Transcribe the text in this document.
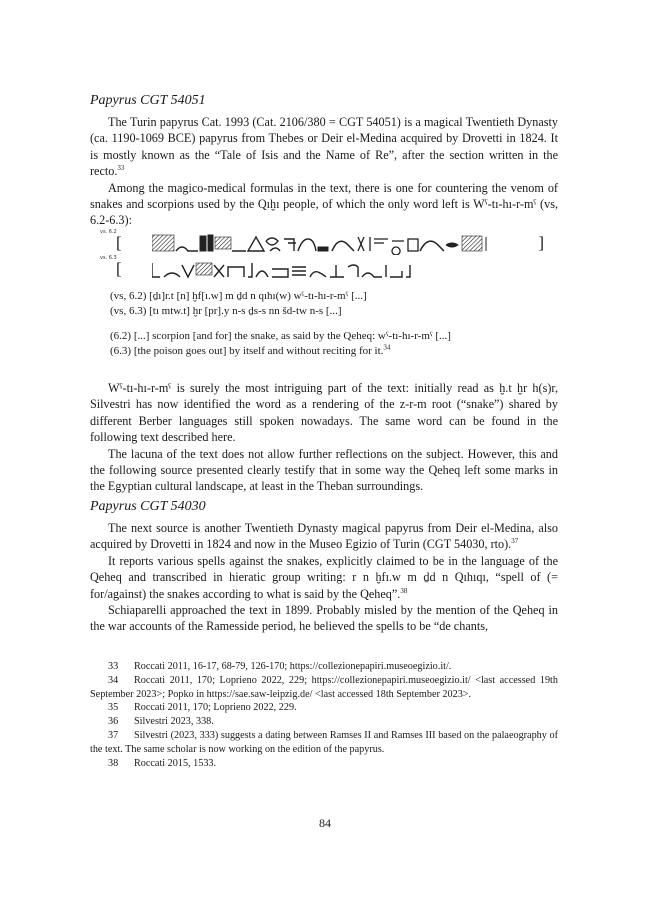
Papyrus CGT 54051

The Turin papyrus Cat. 1993 (Cat. 2106/380 = CGT 54051) is a magical Twentieth Dynasty (ca. 1190-1069 BCE) papyrus from Thebes or Deir el-Medina acquired by Drovetti in 1824. It is mostly known as the “Tale of Isis and the Name of Re”, after the section written in the recto.$^{33}$

Among the magico-medical formulas in the text, there is one for countering the venom of snakes and scorpions used by the Qıḫı people, of which the only word left is Wˁ-tı-hı-r-mˁ (vs, 6.2-6.3):

vs. 6.2
[	]
vs. 6.3
[

(vs, 6.2) [ḏı]r.t [n] ḫf[ı.w] m ḏd n qıhı(w) wˁ-tı-hı-r-mˁ [...]

(vs, 6.3) [tı mtw.t] ḫr [pr].y n-s ḏs-s nn šd-tw n-s [...]

(6.2) [...] scorpion [and for] the snake, as said by the Qeheq: wˁ-tı-hı-r-mˁ [...]

(6.3) [the poison goes out] by itself and without reciting for it.$^{34}$

Wˁ-tı-hı-r-mˁ is surely the most intriguing part of the text: initially read as ḫ.t ḫr h(s)r, Silvestri has now identified the word as a rendering of the z-r-m root (“snake”) shared by different Berber languages still spoken nowadays. The same word can be found in the following text described here.

The lacuna of the text does not allow further reflections on the subject. However, this and the following source presented clearly testify that in some way the Qeheq left some marks in the Egyptian cultural landscape, at least in the Theban surroundings.

Papyrus CGT 54030

The next source is another Twentieth Dynasty magical papyrus from Deir el-Medina, also acquired by Drovetti in 1824 and now in the Museo Egizio of Turin (CGT 54030, rto).$^{37}$

It reports various spells against the snakes, explicitly claimed to be in the language of the Qeheq and transcribed in hieratic group writing: r n ḫfı.w m ḏd n Qıhıqı, “spell of (= for/against) the snakes according to what is said by the Qeheq”.$^{38}$

Schiaparelli approached the text in 1899. Probably misled by the mention of the Qeheq in the war accounts of the Ramesside period, he believed the spells to be “de chants,

33 Roccati 2011, 16-17, 68-79, 126-170; https://collezionepapiri.museoegizio.it/.

34 Roccati 2011, 170; Loprieno 2022, 229; https://collezionepapiri.museoegizio.it/ <last accessed 19th September 2023>; Popko in https://sae.saw-leipzig.de/ <last accessed 18th September 2023>.

35 Roccati 2011, 170; Loprieno 2022, 229.

36 Silvestri 2023, 338.

37 Silvestri (2023, 333) suggests a dating between Ramses II and Ramses III based on the palaeography of the text. The same scholar is now working on the edition of the papyrus.

38 Roccati 2015, 1533.

84
